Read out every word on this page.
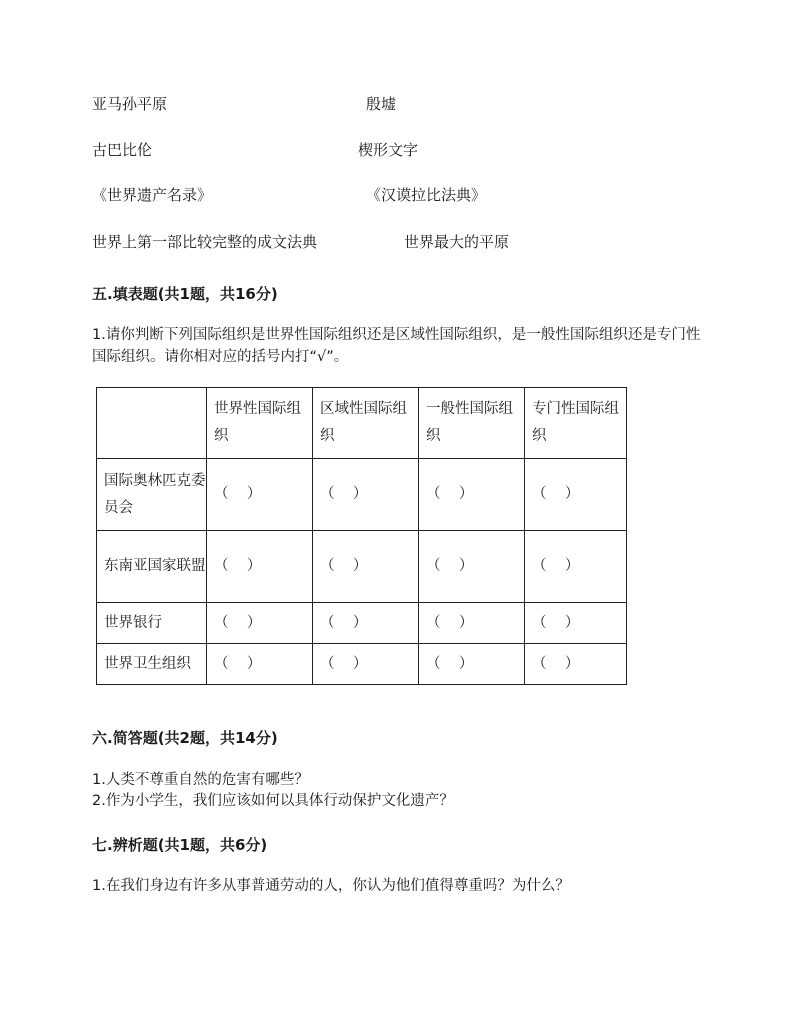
亚马孙平原	殷墟
古巴比伦	楔形文字
《世界遗产名录》	《汉谟拉比法典》
世界上第一部比较完整的成文法典	世界最大的平原
五.填表题(共1题，共16分)
1.请你判断下列国际组织是世界性国际组织还是区域性国际组织，是一般性国际组织还是专门性国际组织。请你相对应的括号内打“√”。
	世界性国际组织	区域性国际组织	一般性国际组织	专门性国际组织
国际奥林匹克委员会	（    ）	（    ）	（    ）	（    ）
东南亚国家联盟	（    ）	（    ）	（    ）	（    ）
世界银行	（    ）	（    ）	（    ）	（    ）
世界卫生组织	（    ）	（    ）	（    ）	（    ）
六.简答题(共2题，共14分)
1.人类不尊重自然的危害有哪些？
2.作为小学生，我们应该如何以具体行动保护文化遗产？
七.辨析题(共1题，共6分)
1.在我们身边有许多从事普通劳动的人，你认为他们值得尊重吗？为什么？
